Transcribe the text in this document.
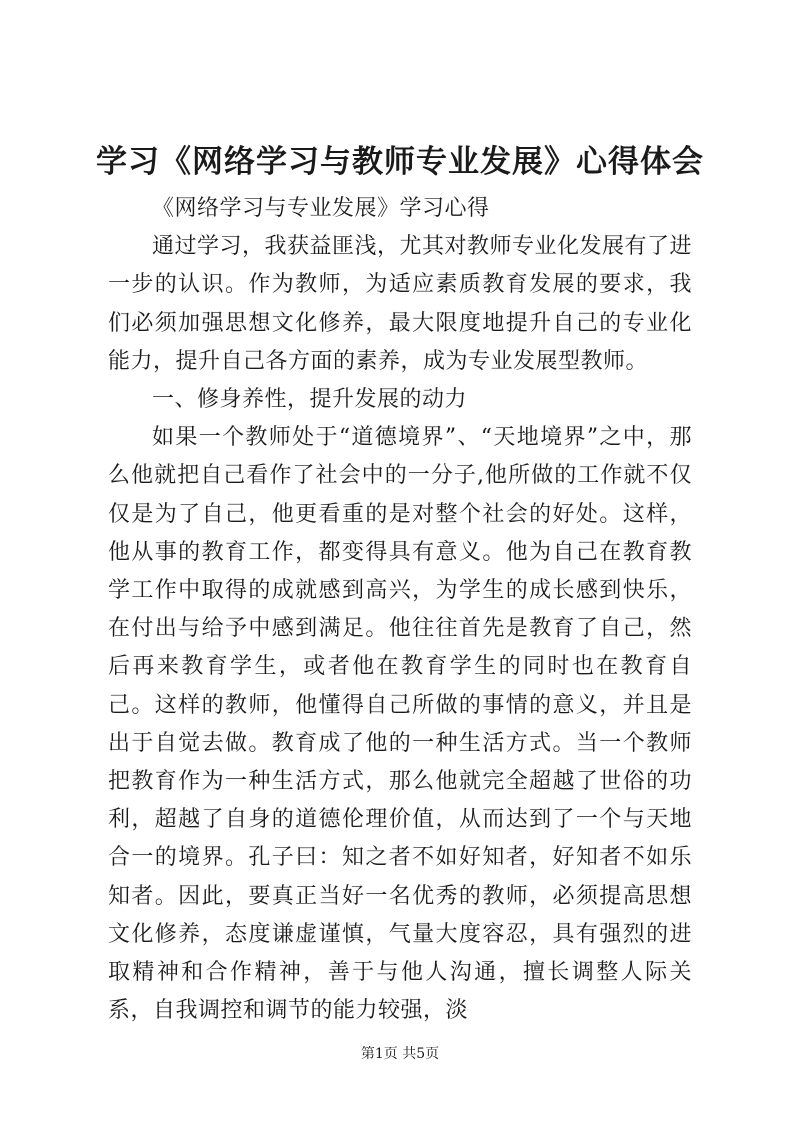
学习《网络学习与教师专业发展》心得体会

《网络学习与专业发展》学习心得

通过学习，我获益匪浅，尤其对教师专业化发展有了进一步的认识。作为教师，为适应素质教育发展的要求，我们必须加强思想文化修养，最大限度地提升自己的专业化能力，提升自己各方面的素养，成为专业发展型教师。

一、修身养性，提升发展的动力

如果一个教师处于“道德境界”、“天地境界”之中，那么他就把自己看作了社会中的一分子,他所做的工作就不仅仅是为了自己，他更看重的是对整个社会的好处。这样，他从事的教育工作，都变得具有意义。他为自己在教育教学工作中取得的成就感到高兴，为学生的成长感到快乐，在付出与给予中感到满足。他往往首先是教育了自己，然后再来教育学生，或者他在教育学生的同时也在教育自己。这样的教师，他懂得自己所做的事情的意义，并且是出于自觉去做。教育成了他的一种生活方式。当一个教师把教育作为一种生活方式，那么他就完全超越了世俗的功利，超越了自身的道德伦理价值，从而达到了一个与天地合一的境界。孔子曰：知之者不如好知者，好知者不如乐知者。因此，要真正当好一名优秀的教师，必须提高思想文化修养，态度谦虚谨慎，气量大度容忍，具有强烈的进取精神和合作精神，善于与他人沟通，擅长调整人际关系，自我调控和调节的能力较强，淡

第1页 共5页
